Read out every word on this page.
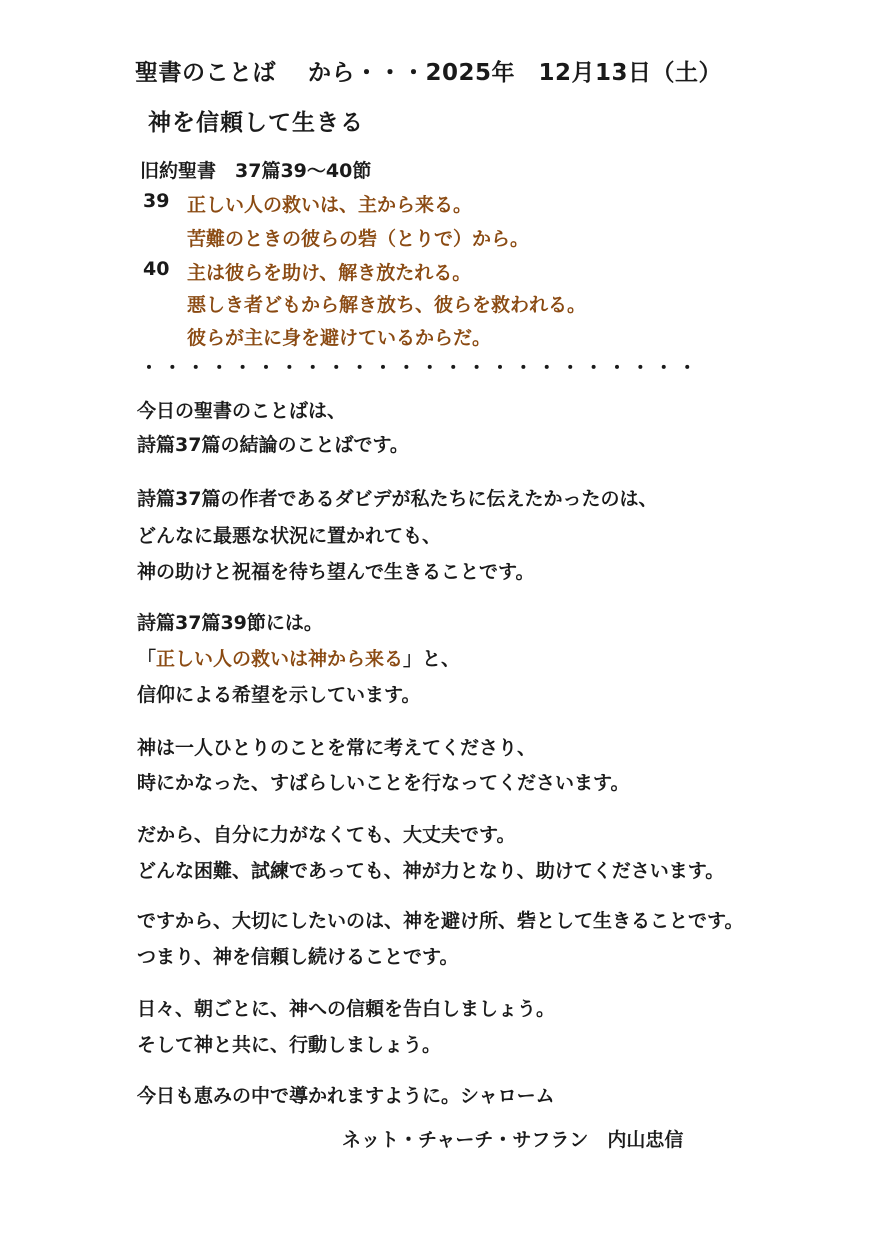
聖書のことば　 から・・・2025年　12月13日（土）
神を信頼して生きる
旧約聖書　37篇39～40節
39 正しい人の救いは、主から来る。
苦難のときの彼らの砦（とりで）から。
40 主は彼らを助け、解き放たれる。
悪しき者どもから解き放ち、彼らを救われる。
彼らが主に身を避けているからだ。
・・・・・・・・・・・・・・・・・・・・・・・・
今日の聖書のことばは、
詩篇37篇の結論のことばです。
詩篇37篇の作者であるダビデが私たちに伝えたかったのは、
どんなに最悪な状況に置かれても、
神の助けと祝福を待ち望んで生きることです。
詩篇37篇39節には。
「正しい人の救いは神から来る」と、
信仰による希望を示しています。
神は一人ひとりのことを常に考えてくださり、
時にかなった、すばらしいことを行なってくださいます。
だから、自分に力がなくても、大丈夫です。
どんな困難、試練であっても、神が力となり、助けてくださいます。
ですから、大切にしたいのは、神を避け所、砦として生きることです。
つまり、神を信頼し続けることです。
日々、朝ごとに、神への信頼を告白しましょう。
そして神と共に、行動しましょう。
今日も恵みの中で導かれますように。シャローム
ネット・チャーチ・サフラン　内山忠信
